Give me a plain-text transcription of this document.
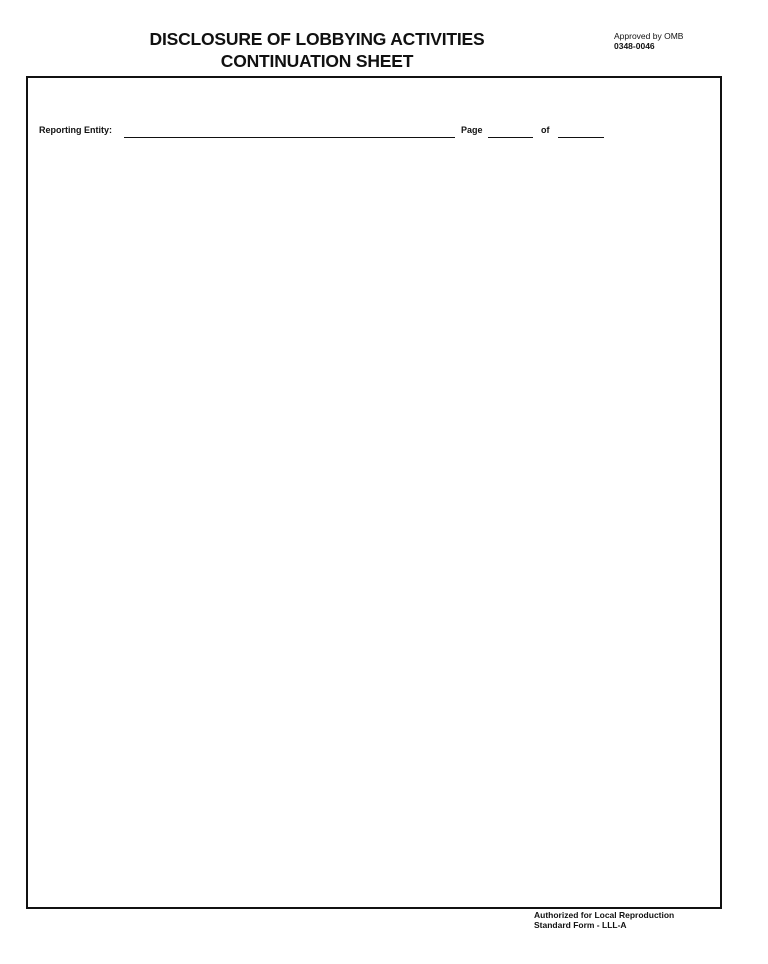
DISCLOSURE OF LOBBYING ACTIVITIES
CONTINUATION SHEET
Approved by OMB
0348-0046
Reporting Entity:	Page	of
Authorized for Local Reproduction
Standard Form - LLL-A
